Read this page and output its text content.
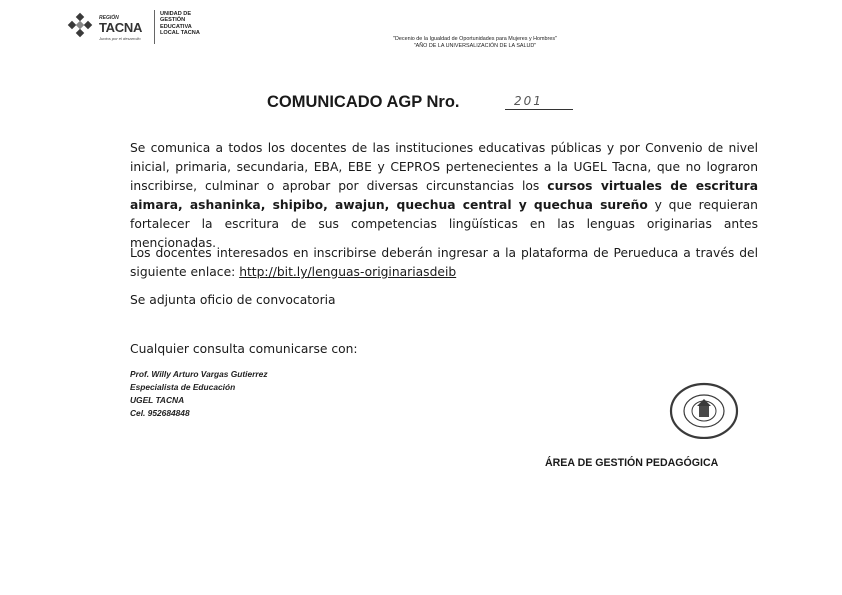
REGIÓN
TACNA
Juntos por el desarrollo
UNIDAD DE
GESTIÓN
EDUCATIVA
LOCAL TACNA
"Decenio de la Igualdad de Oportunidades para Mujeres y Hombres"
"AÑO DE LA UNIVERSALIZACIÓN DE LA SALUD"
COMUNICADO AGP Nro.	201
Se comunica a todos los docentes de las instituciones educativas públicas y por Convenio de nivel inicial, primaria, secundaria, EBA, EBE y CEPROS pertenecientes a la UGEL Tacna, que no lograron inscribirse, culminar o aprobar por diversas circunstancias los cursos virtuales de escritura aimara, ashaninka, shipibo, awajun, quechua central y quechua sureño y que requieran fortalecer la escritura de sus competencias lingüísticas en las lenguas originarias antes mencionadas.
Los docentes interesados en inscribirse deberán ingresar a la plataforma de Perueduca a través del siguiente enlace: http://bit.ly/lenguas-originariasdeib
Se adjunta oficio de convocatoria
Cualquier consulta comunicarse con:
Prof. Willy Arturo Vargas Gutierrez
Especialista de Educación
UGEL TACNA
Cel. 952684848
ÁREA DE GESTIÓN PEDAGÓGICA
